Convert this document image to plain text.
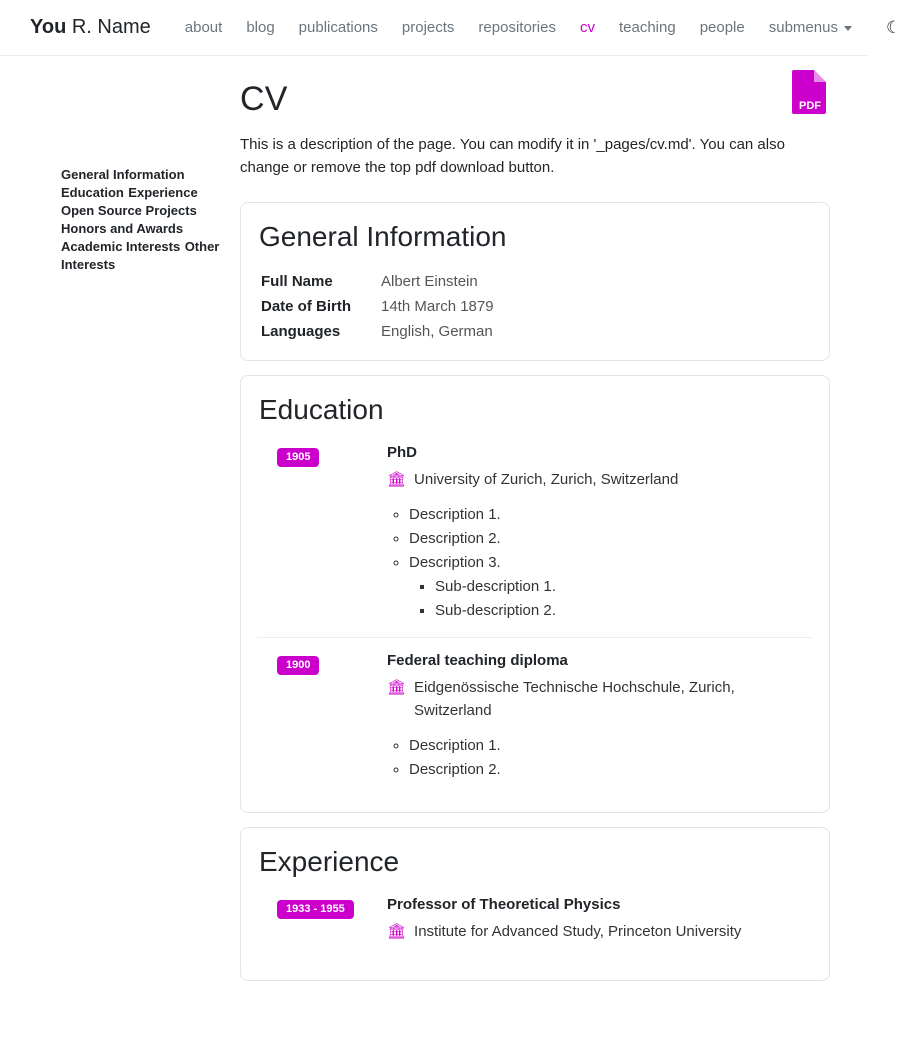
You R. Name	about	blog	publications	projects	repositories	cv	teaching	people	submenus	☾
General Information Education Experience Open Source Projects Honors and Awards Academic Interests Other Interests
CV	PDF

This is a description of the page. You can modify it in '_pages/cv.md'. You can also change or remove the top pdf download button.

General Information
Full Name	Albert Einstein
Date of Birth	14th March 1879
Languages	English, German
Education
1905	PhD

🏛 University of Zurich, Zurich, Switzerland

◦ Description 1.
◦ Description 2.
◦ Description 3.
▪ Sub-description 1.
▪ Sub-description 2.
1900	Federal teaching diploma

🏛 Eidgenössische Technische Hochschule, Zurich, Switzerland

◦ Description 1.
◦ Description 2.
Experience
1933 - 1955	Professor of Theoretical Physics

🏛 Institute for Advanced Study, Princeton University
